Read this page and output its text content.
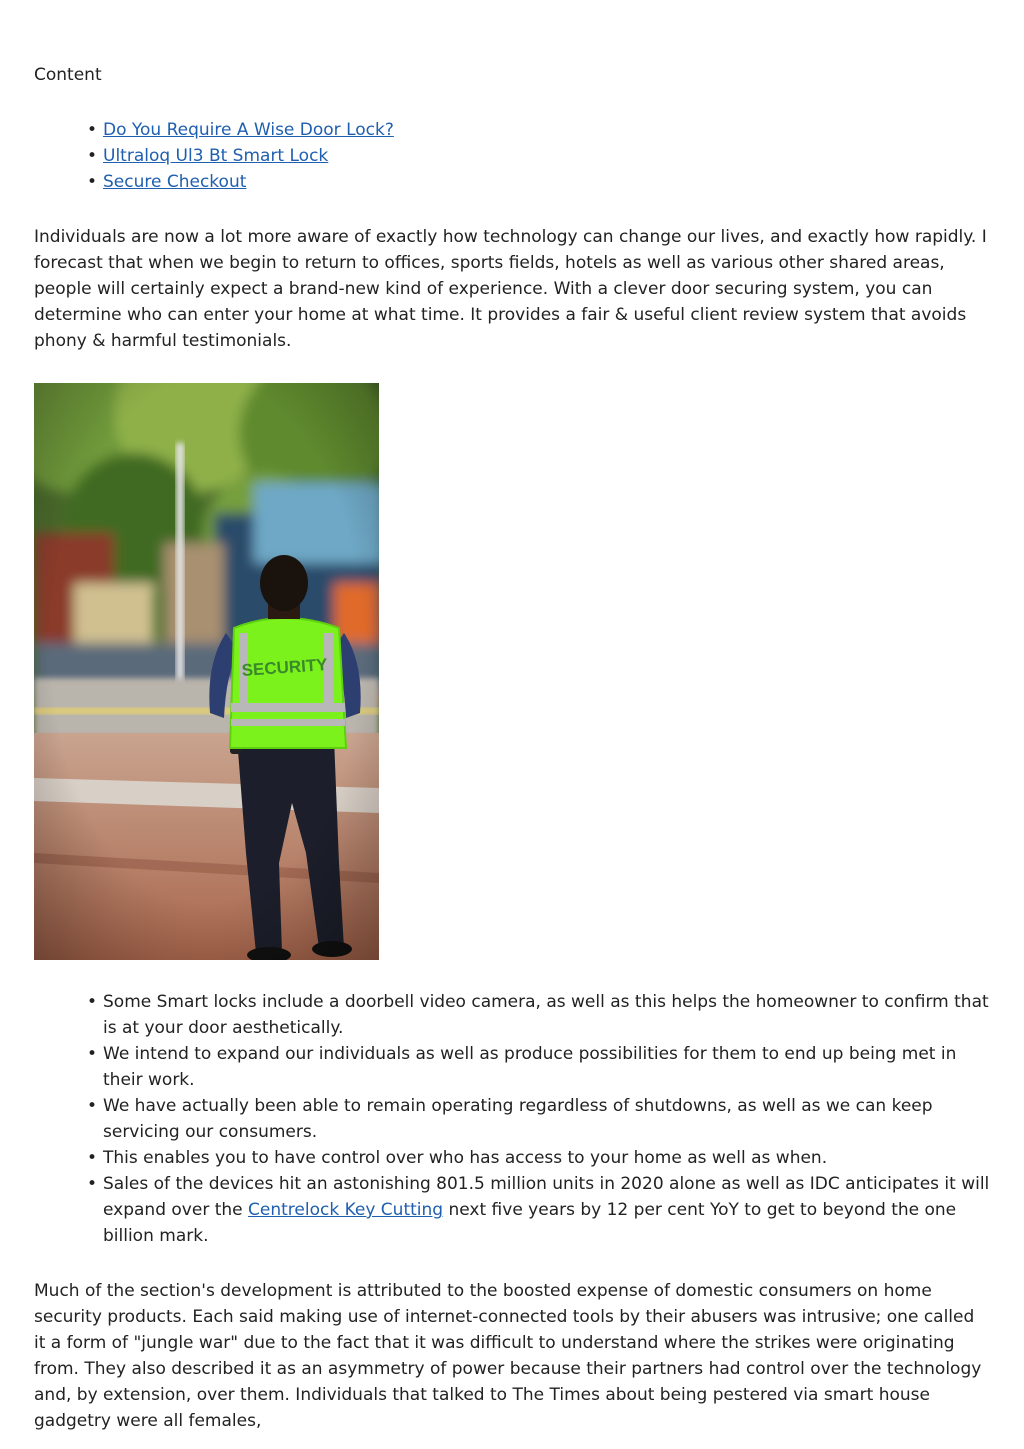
Content
• Do You Require A Wise Door Lock?
• Ultraloq Ul3 Bt Smart Lock
• Secure Checkout

Individuals are now a lot more aware of exactly how technology can change our lives, and exactly how rapidly. I forecast that when we begin to return to offices, sports fields, hotels as well as various other shared areas, people will certainly expect a brand-new kind of experience. With a clever door securing system, you can determine who can enter your home at what time. It provides a fair & useful client review system that avoids phony & harmful testimonials.

• Some Smart locks include a doorbell video camera, as well as this helps the homeowner to confirm that is at your door aesthetically.
• We intend to expand our individuals as well as produce possibilities for them to end up being met in their work.
• We have actually been able to remain operating regardless of shutdowns, as well as we can keep servicing our consumers.
• This enables you to have control over who has access to your home as well as when.
• Sales of the devices hit an astonishing 801.5 million units in 2020 alone as well as IDC anticipates it will expand over the Centrelock Key Cutting next five years by 12 per cent YoY to get to beyond the one billion mark.

Much of the section's development is attributed to the boosted expense of domestic consumers on home security products. Each said making use of internet-connected tools by their abusers was intrusive; one called it a form of "jungle war" due to the fact that it was difficult to understand where the strikes were originating from. They also described it as an asymmetry of power because their partners had control over the technology and, by extension, over them. Individuals that talked to The Times about being pestered via smart house gadgetry were all females,
